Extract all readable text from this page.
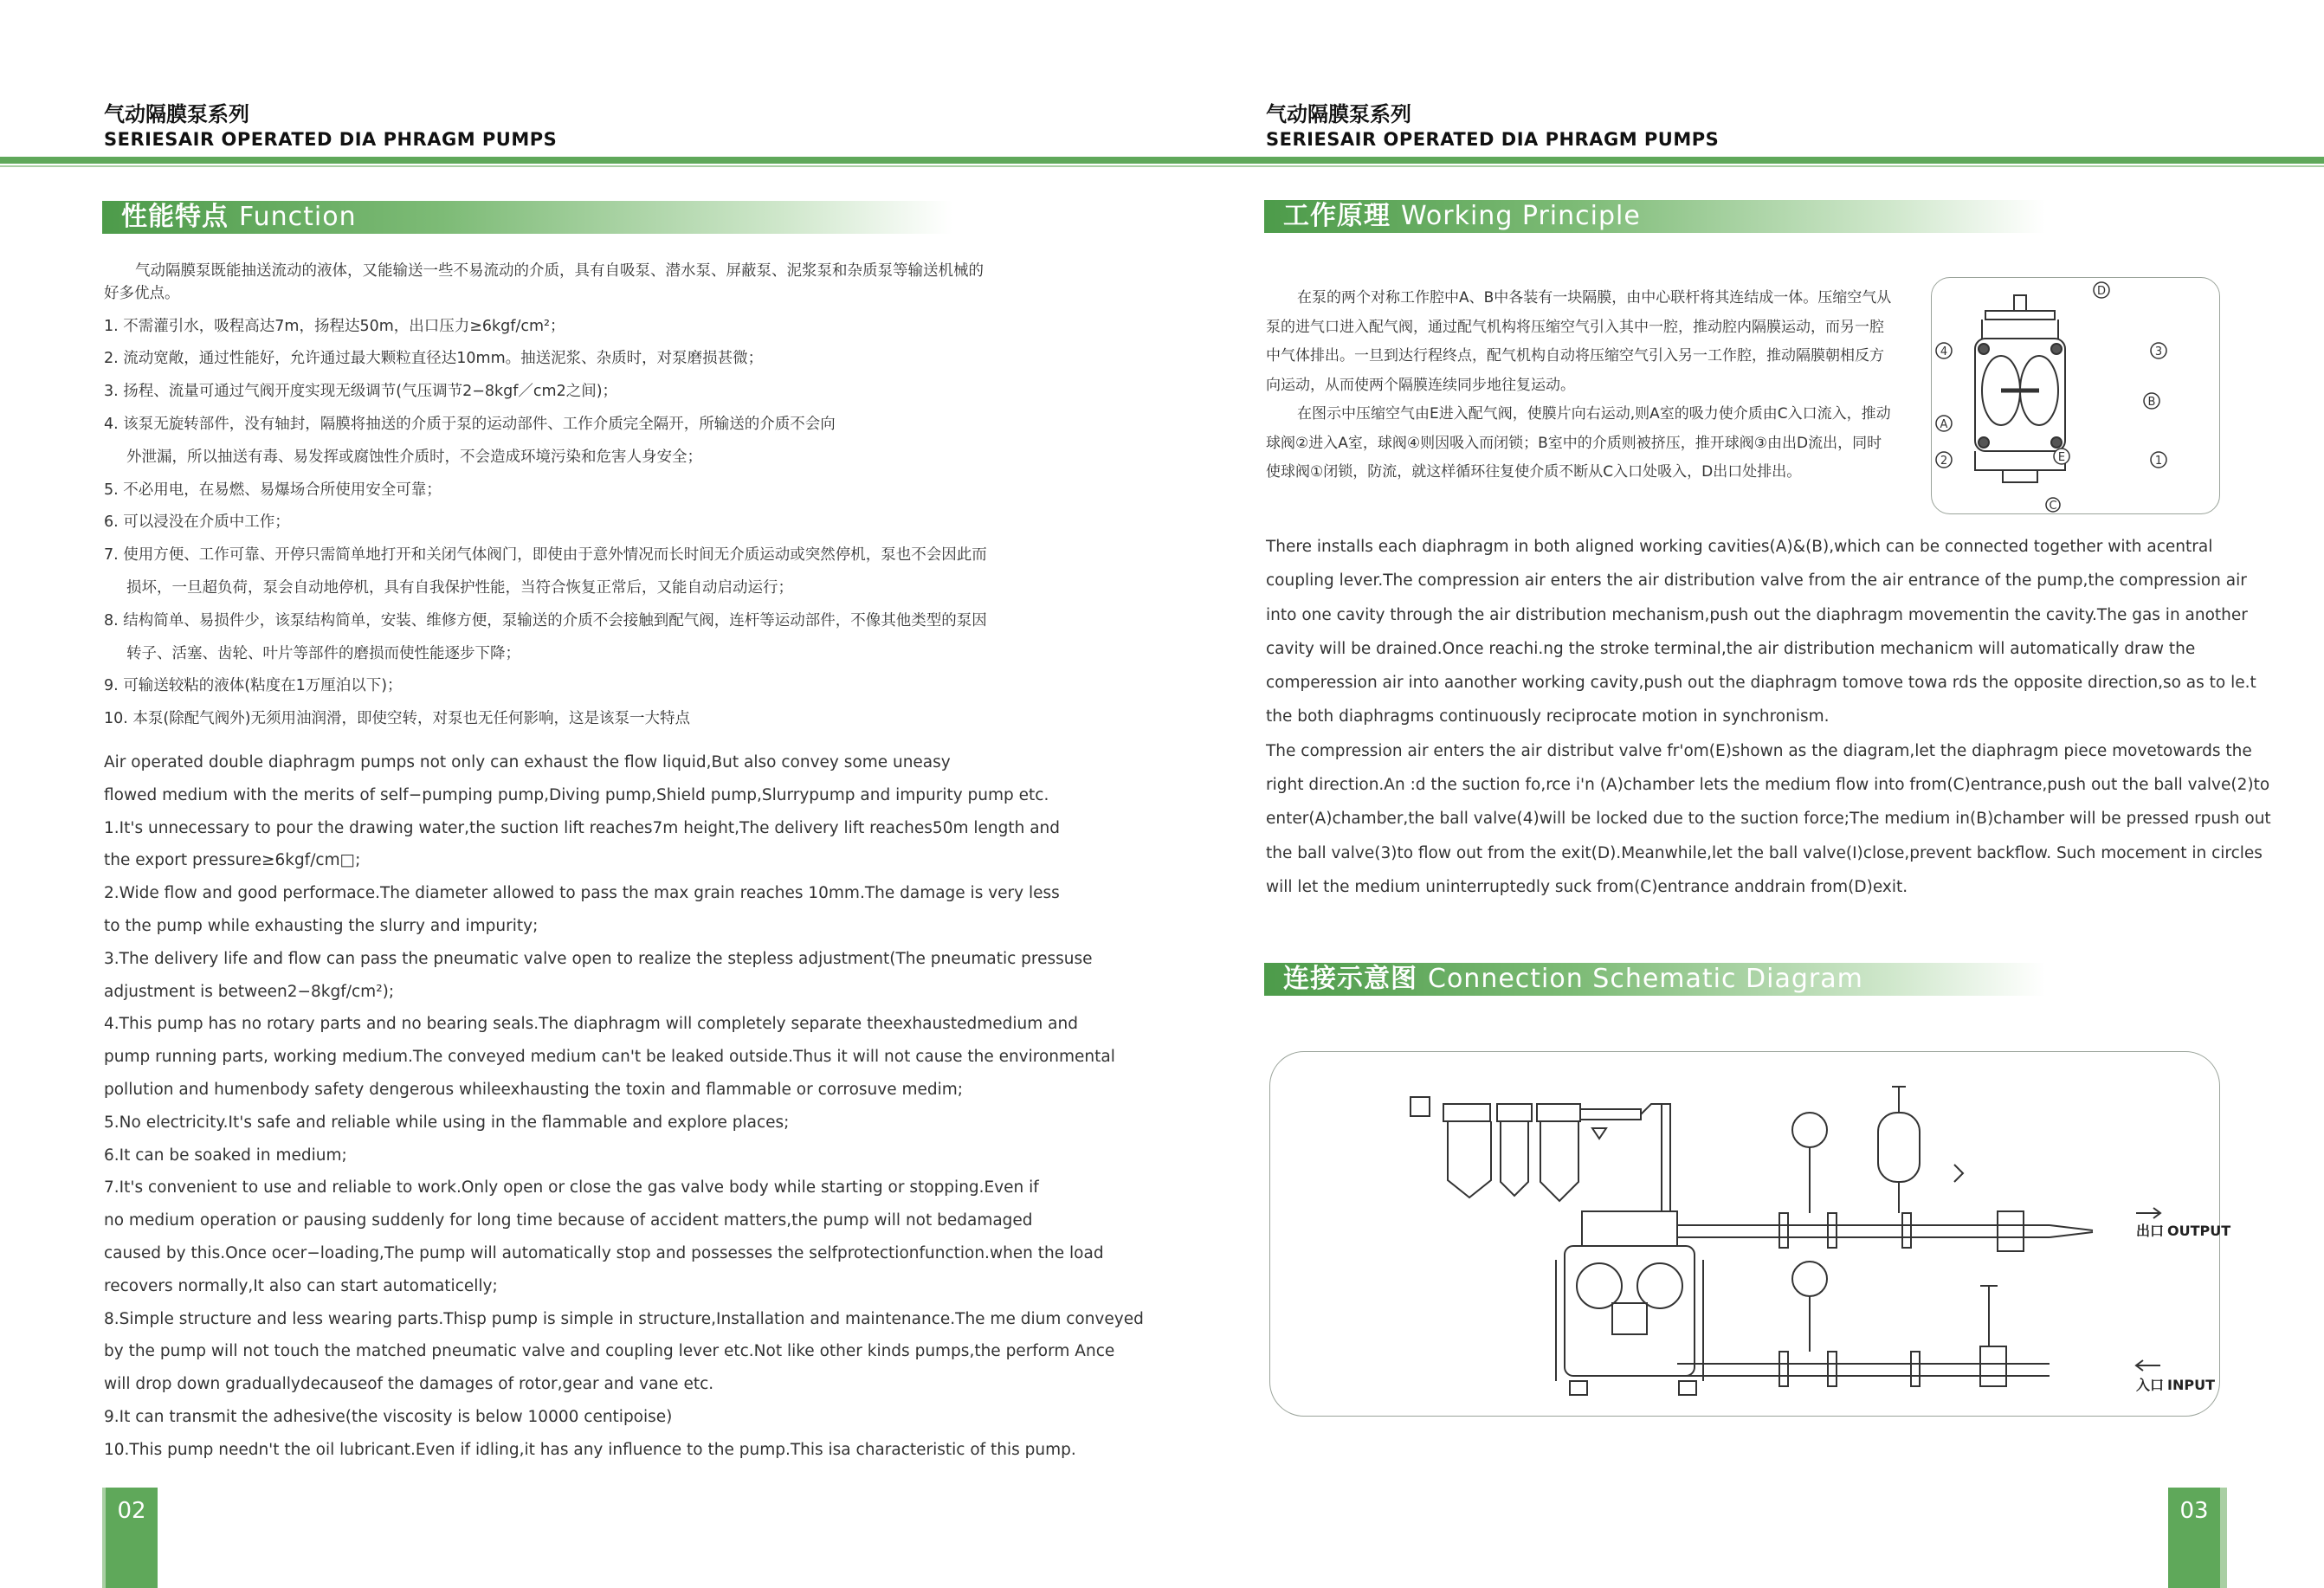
气动隔膜泵系列
SERIESAIR OPERATED DIA PHRAGM PUMPS
气动隔膜泵系列
SERIESAIR OPERATED DIA PHRAGM PUMPS
性能特点 Function

气动隔膜泵既能抽送流动的液体，又能输送一些不易流动的介质，具有自吸泵、潜水泵、屏蔽泵、泥浆泵和杂质泵等输送机械的

好多优点。

1. 不需灌引水，吸程高达7m，扬程达50m，出口压力≥6kgf/cm²；

2. 流动宽敞，通过性能好，允许通过最大颗粒直径达10mm。抽送泥浆、杂质时，对泵磨损甚微；

3. 扬程、流量可通过气阀开度实现无级调节(气压调节2−8kgf／cm2之间)；

4. 该泵无旋转部件，没有轴封，隔膜将抽送的介质于泵的运动部件、工作介质完全隔开，所输送的介质不会向

外泄漏，所以抽送有毒、易发挥或腐蚀性介质时，不会造成环境污染和危害人身安全；

5. 不必用电，在易燃、易爆场合所使用安全可靠；

6. 可以浸没在介质中工作；

7. 使用方便、工作可靠、开停只需简单地打开和关闭气体阀门，即使由于意外情况而长时间无介质运动或突然停机，泵也不会因此而

损坏，一旦超负荷，泵会自动地停机，具有自我保护性能，当符合恢复正常后，又能自动启动运行；

8. 结构简单、易损件少，该泵结构简单，安装、维修方便，泵输送的介质不会接触到配气阀，连杆等运动部件，不像其他类型的泵因

转子、活塞、齿轮、叶片等部件的磨损而使性能逐步下降；

9. 可输送较粘的液体(粘度在1万厘泊以下)；

10. 本泵(除配气阀外)无须用油润滑，即使空转，对泵也无任何影响，这是该泵一大特点

Air operated double diaphragm pumps not only can exhaust the flow liquid,But also convey some uneasy

flowed medium with the merits of self−pumping pump,Diving pump,Shield pump,Slurrypump and impurity pump etc.

1.It's unnecessary to pour the drawing water,the suction lift reaches7m height,The delivery lift reaches50m length and

the export pressure≥6kgf/cm□;

2.Wide flow and good performace.The diameter allowed to pass the max grain reaches 10mm.The damage is very less

to the pump while exhausting the slurry and impurity;

3.The delivery life and flow can pass the pneumatic valve open to realize the stepless adjustment(The pneumatic pressuse

adjustment is between2−8kgf/cm²);

4.This pump has no rotary parts and no bearing seals.The diaphragm will completely separate theexhaustedmedium and

pump running parts, working medium.The conveyed medium can't be leaked outside.Thus it will not cause the environmental

pollution and humenbody safety dengerous whileexhausting the toxin and flammable or corrosuve medim;

5.No electricity.It's safe and reliable while using in the flammable and explore places;

6.It can be soaked in medium;

7.It's convenient to use and reliable to work.Only open or close the gas valve body while starting or stopping.Even if

no medium operation or pausing suddenly for long time because of accident matters,the pump will not bedamaged

caused by this.Once ocer−loading,The pump will automatically stop and possesses the selfprotectionfunction.when the load

recovers normally,It also can start automaticelly;

8.Simple structure and less wearing parts.Thisp pump is simple in structure,Installation and maintenance.The me dium conveyed

by the pump will not touch the matched pneumatic valve and coupling lever etc.Not like other kinds pumps,the perform Ance

will drop down graduallydecauseof the damages of rotor,gear and vane etc.

9.It can transmit the adhesive(the viscosity is below 10000 centipoise)

10.This pump needn't the oil lubricant.Even if idling,it has any influence to the pump.This isa characteristic of this pump.

02
工作原理 Working Principle

在泵的两个对称工作腔中A、B中各装有一块隔膜，由中心联杆将其连结成一体。压缩空气从

泵的进气口进入配气阀，通过配气机构将压缩空气引入其中一腔，推动腔内隔膜运动，而另一腔

中气体排出。一旦到达行程终点，配气机构自动将压缩空气引入另一工作腔，推动隔膜朝相反方

向运动，从而使两个隔膜连续同步地往复运动。

在图示中压缩空气由E进入配气阀，使膜片向右运动,则A室的吸力使介质由C入口流入，推动

球阀②进入A室，球阀④则因吸入而闭锁；B室中的介质则被挤压，推开球阀③由出D流出，同时

使球阀①闭锁，防流，就这样循环往复使介质不断从C入口处吸入，D出口处排出。

D
4	3
B
A
2	E	1
C

There installs each diaphragm in both aligned working cavities(A)&(B),which can be connected together with acentral

coupling lever.The compression air enters the air distribution valve from the air entrance of the pump,the compression air

into one cavity through the air distribution mechanism,push out the diaphragm movementin the cavity.The gas in another

cavity will be drained.Once reachi.ng the stroke terminal,the air distribution mechanicm will automatically draw the

comperession air into aanother working cavity,push out the diaphragm tomove towa rds the opposite direction,so as to le.t

the both diaphragms continuously reciprocate motion in synchronism.

The compression air enters the air distribut valve fr'om(E)shown as the diagram,let the diaphragm piece movetowards the

right direction.An :d the suction fo,rce i'n (A)chamber lets the medium flow into from(C)entrance,push out the ball valve(2)to

enter(A)chamber,the ball valve(4)will be locked due to the suction force;The medium in(B)chamber will be pressed rpush out

the ball valve(3)to flow out from the exit(D).Meanwhile,let the ball valve(I)close,prevent backflow. Such mocement in circles

will let the medium uninterruptedly suck from(C)entrance anddrain from(D)exit.

连接示意图 Connection Schematic Diagram
出口 OUTPUT
入口 INPUT
03
